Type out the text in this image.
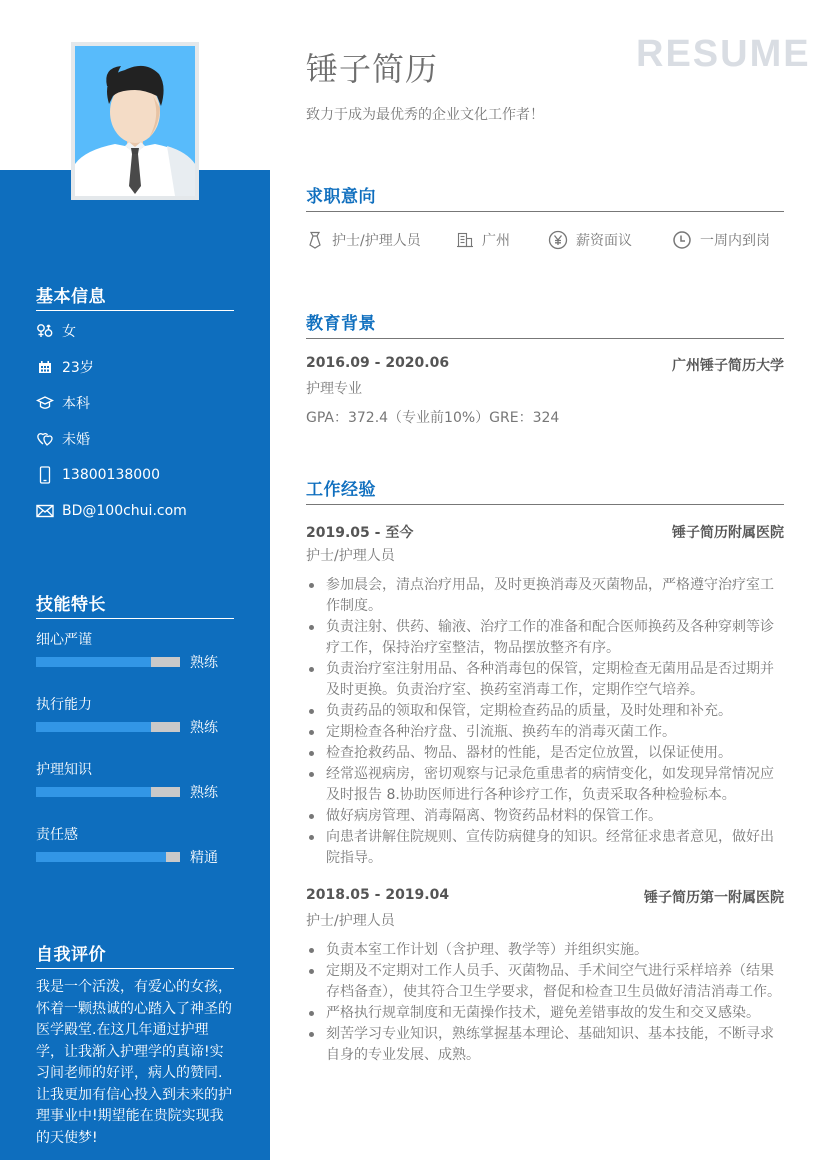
RESUME
锤子简历
致力于成为最优秀的企业文化工作者！
基本信息
女
23岁
本科
未婚
13800138000
BD@100chui.com
技能特长
细心严谨
熟练
执行能力
熟练
护理知识
熟练
责任感
精通
自我评价
我是一个活泼，有爱心的女孩，怀着一颗热诚的心踏入了神圣的医学殿堂.在这几年通过护理学，让我渐入护理学的真谛!实习间老师的好评，病人的赞同.让我更加有信心投入到未来的护理事业中!期望能在贵院实现我的天使梦!
求职意向
护士/护理人员	广州	薪资面议	一周内到岗
教育背景
2016.09 - 2020.06	广州锤子简历大学
护理专业
GPA：372.4（专业前10%）GRE：324
工作经验
2019.05 - 至今	锤子简历附属医院
护士/护理人员
参加晨会，清点治疗用品，及时更换消毒及灭菌物品，严格遵守治疗室工作制度。
负责注射、供药、输液、治疗工作的准备和配合医师换药及各种穿刺等诊疗工作，保持治疗室整洁，物品摆放整齐有序。
负责治疗室注射用品、各种消毒包的保管，定期检查无菌用品是否过期并及时更换。负责治疗室、换药室消毒工作，定期作空气培养。
负责药品的领取和保管，定期检查药品的质量，及时处理和补充。
定期检查各种治疗盘、引流瓶、换药车的消毒灭菌工作。
检查抢救药品、物品、器材的性能，是否定位放置，以保证使用。
经常巡视病房，密切观察与记录危重患者的病情变化，如发现异常情况应及时报告 8.协助医师进行各种诊疗工作，负责采取各种检验标本。
做好病房管理、消毒隔离、物资药品材料的保管工作。
向患者讲解住院规则、宣传防病健身的知识。经常征求患者意见，做好出院指导。
2018.05 - 2019.04	锤子简历第一附属医院
护士/护理人员
负责本室工作计划（含护理、教学等）并组织实施。
定期及不定期对工作人员手、灭菌物品、手术间空气进行采样培养（结果存档备查），使其符合卫生学要求，督促和检查卫生员做好清洁消毒工作。
严格执行规章制度和无菌操作技术，避免差错事故的发生和交叉感染。
刻苦学习专业知识，熟练掌握基本理论、基础知识、基本技能，不断寻求自身的专业发展、成熟。
